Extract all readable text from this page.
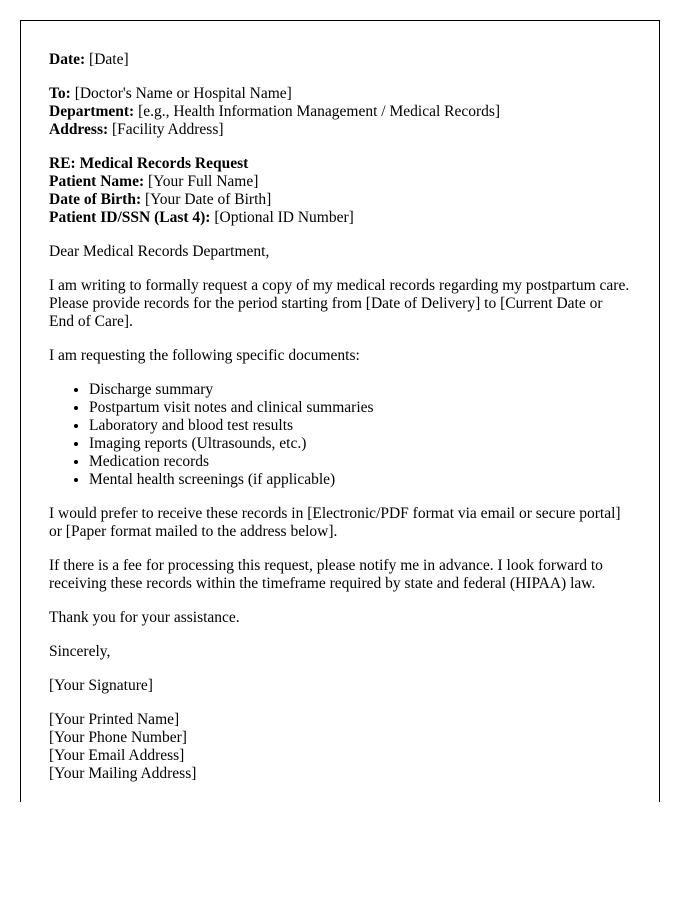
Date: [Date]
To: [Doctor's Name or Hospital Name]
Department: [e.g., Health Information Management / Medical Records]
Address: [Facility Address]
RE: Medical Records Request
Patient Name: [Your Full Name]
Date of Birth: [Your Date of Birth]
Patient ID/SSN (Last 4): [Optional ID Number]

Dear Medical Records Department,

I am writing to formally request a copy of my medical records regarding my postpartum care. Please provide records for the period starting from [Date of Delivery] to [Current Date or End of Care].

I am requesting the following specific documents:

• Discharge summary
• Postpartum visit notes and clinical summaries
• Laboratory and blood test results
• Imaging reports (Ultrasounds, etc.)
• Medication records
• Mental health screenings (if applicable)

I would prefer to receive these records in [Electronic/PDF format via email or secure portal] or [Paper format mailed to the address below].

If there is a fee for processing this request, please notify me in advance. I look forward to receiving these records within the timeframe required by state and federal (HIPAA) law.

Thank you for your assistance.

Sincerely,

[Your Signature]

[Your Printed Name]
[Your Phone Number]
[Your Email Address]
[Your Mailing Address]
